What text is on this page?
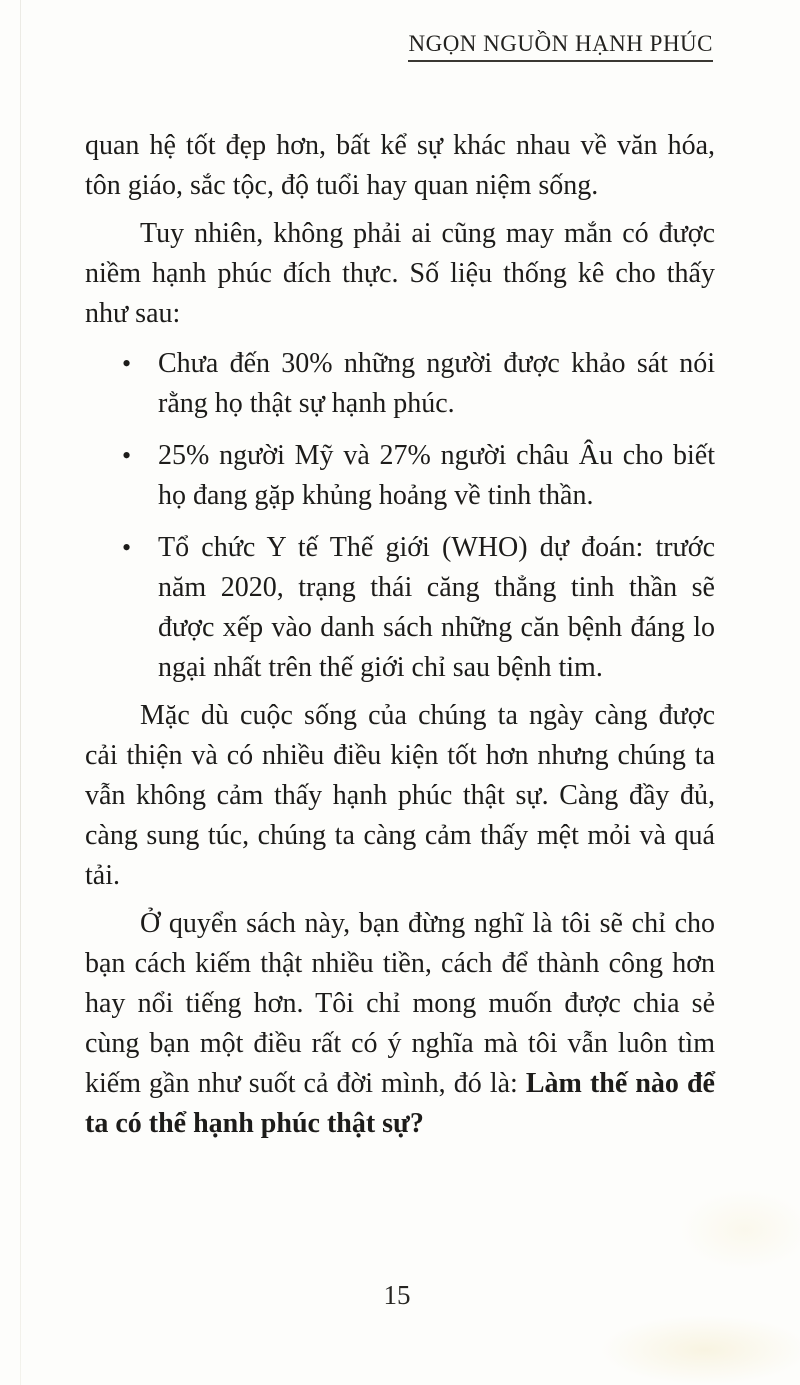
NGỌN NGUỒN HẠNH PHÚC

quan hệ tốt đẹp hơn, bất kể sự khác nhau về văn hóa, tôn giáo, sắc tộc, độ tuổi hay quan niệm sống.

Tuy nhiên, không phải ai cũng may mắn có được niềm hạnh phúc đích thực. Số liệu thống kê cho thấy như sau:

• Chưa đến 30% những người được khảo sát nói rằng họ thật sự hạnh phúc.
• 25% người Mỹ và 27% người châu Âu cho biết họ đang gặp khủng hoảng về tinh thần.
• Tổ chức Y tế Thế giới (WHO) dự đoán: trước năm 2020, trạng thái căng thẳng tinh thần sẽ được xếp vào danh sách những căn bệnh đáng lo ngại nhất trên thế giới chỉ sau bệnh tim.

Mặc dù cuộc sống của chúng ta ngày càng được cải thiện và có nhiều điều kiện tốt hơn nhưng chúng ta vẫn không cảm thấy hạnh phúc thật sự. Càng đầy đủ, càng sung túc, chúng ta càng cảm thấy mệt mỏi và quá tải.

Ở quyển sách này, bạn đừng nghĩ là tôi sẽ chỉ cho bạn cách kiếm thật nhiều tiền, cách để thành công hơn hay nổi tiếng hơn. Tôi chỉ mong muốn được chia sẻ cùng bạn một điều rất có ý nghĩa mà tôi vẫn luôn tìm kiếm gần như suốt cả đời mình, đó là: Làm thế nào để ta có thể hạnh phúc thật sự?

15
